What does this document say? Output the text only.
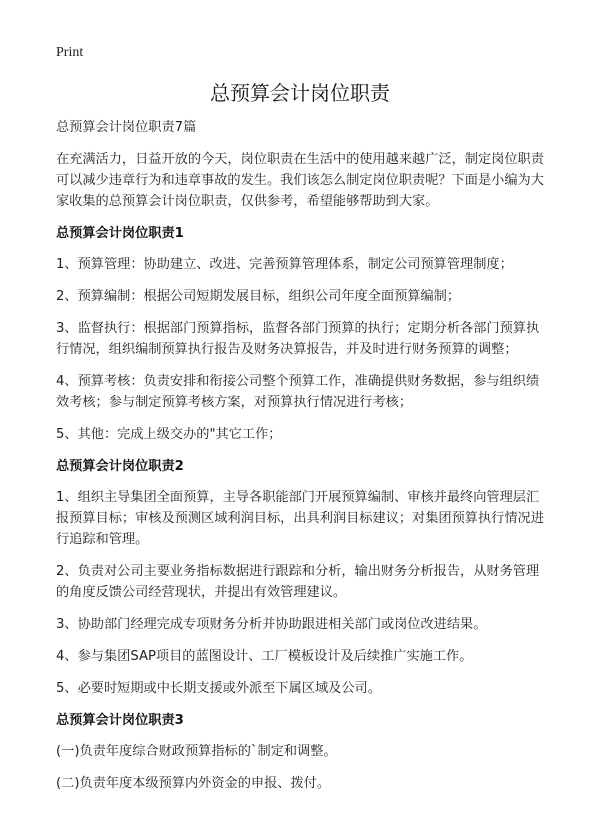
Print
总预算会计岗位职责

总预算会计岗位职责7篇

在充满活力，日益开放的今天，岗位职责在生活中的使用越来越广泛，制定岗位职责可以减少违章行为和违章事故的发生。我们该怎么制定岗位职责呢？下面是小编为大家收集的总预算会计岗位职责，仅供参考，希望能够帮助到大家。

总预算会计岗位职责1

1、预算管理：协助建立、改进、完善预算管理体系，制定公司预算管理制度；

2、预算编制：根据公司短期发展目标，组织公司年度全面预算编制；

3、监督执行：根据部门预算指标，监督各部门预算的执行；定期分析各部门预算执行情况，组织编制预算执行报告及财务决算报告，并及时进行财务预算的调整；

4、预算考核：负责安排和衔接公司整个预算工作，准确提供财务数据，参与组织绩效考核；参与制定预算考核方案，对预算执行情况进行考核；

5、其他：完成上级交办的"其它工作；

总预算会计岗位职责2

1、组织主导集团全面预算，主导各职能部门开展预算编制、审核并最终向管理层汇报预算目标；审核及预测区域利润目标，出具利润目标建议；对集团预算执行情况进行追踪和管理。

2、负责对公司主要业务指标数据进行跟踪和分析，输出财务分析报告，从财务管理的角度反馈公司经营现状，并提出有效管理建议。

3、协助部门经理完成专项财务分析并协助跟进相关部门或岗位改进结果。

4、参与集团SAP项目的蓝图设计、工厂模板设计及后续推广实施工作。

5、必要时短期或中长期支援或外派至下属区域及公司。

总预算会计岗位职责3

(一)负责年度综合财政预算指标的`制定和调整。

(二)负责年度本级预算内外资金的申报、拨付。
